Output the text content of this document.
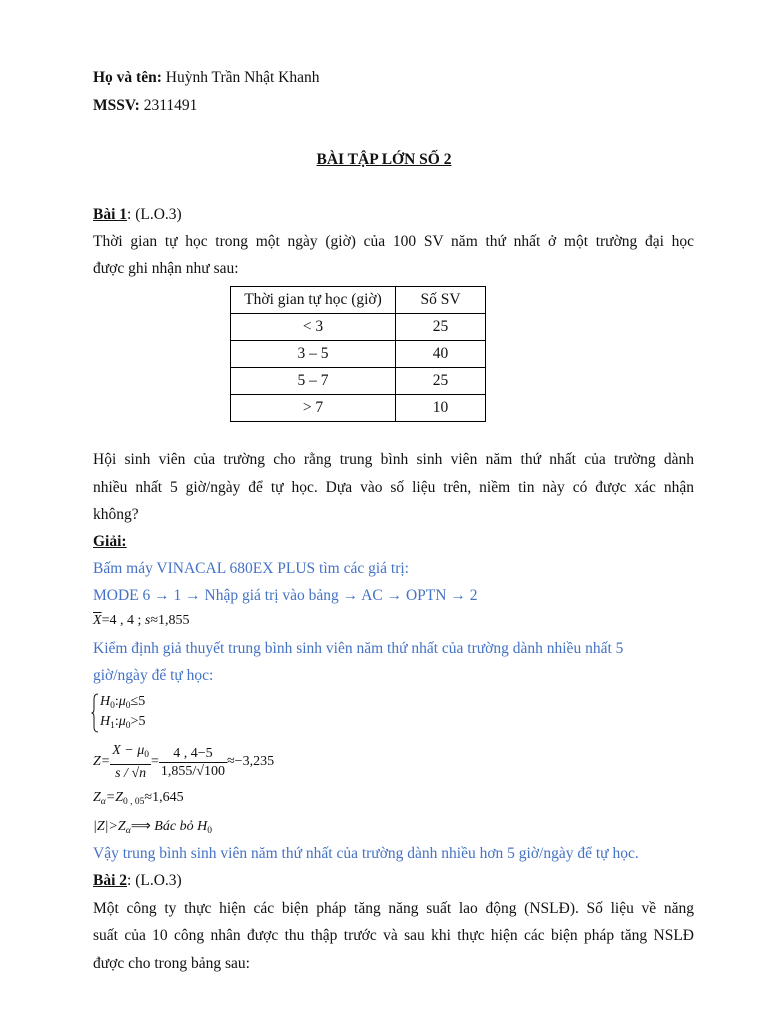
Họ và tên: Huỳnh Trần Nhật Khanh
MSSV: 2311491
BÀI TẬP LỚN SỐ 2
Bài 1: (L.O.3)
Thời gian tự học trong một ngày (giờ) của 100 SV năm thứ nhất ở một trường đại học
được ghi nhận như sau:
Thời gian tự học (giờ)	Số SV
< 3	25
3 – 5	40
5 – 7	25
> 7	10
Hội sinh viên của trường cho rằng trung bình sinh viên năm thứ nhất của trường dành
nhiều nhất 5 giờ/ngày để tự học. Dựa vào số liệu trên, niềm tin này có được xác nhận
không?
Giải:
Bấm máy VINACAL 680EX PLUS tìm các giá trị:
MODE 6 → 1 → Nhập giá trị vào bảng → AC → OPTN → 2
$\overline{X}=4$ , 4 ; s≈1,855
Kiểm định giả thuyết trung bình sinh viên năm thứ nhất của trường dành nhiều nhất 5
giờ/ngày để tự học:
$H_0:\mu_0\le 5$
$H_1:\mu_0>5$
$Z= \frac{X - \mu_0}{s / √n} = \frac{4 , 4-5}{1,855/√100} \approx-3,235$
$Z_\alpha=Z_{0 , 05}\approx 1,645$
$|Z|>Z_\alpha⟹$ Bác bỏ $H_0$
Vậy trung bình sinh viên năm thứ nhất của trường dành nhiều hơn 5 giờ/ngày để tự học.
Bài 2: (L.O.3)
Một công ty thực hiện các biện pháp tăng năng suất lao động (NSLĐ). Số liệu về năng
suất của 10 công nhân được thu thập trước và sau khi thực hiện các biện pháp tăng NSLĐ
được cho trong bảng sau:
